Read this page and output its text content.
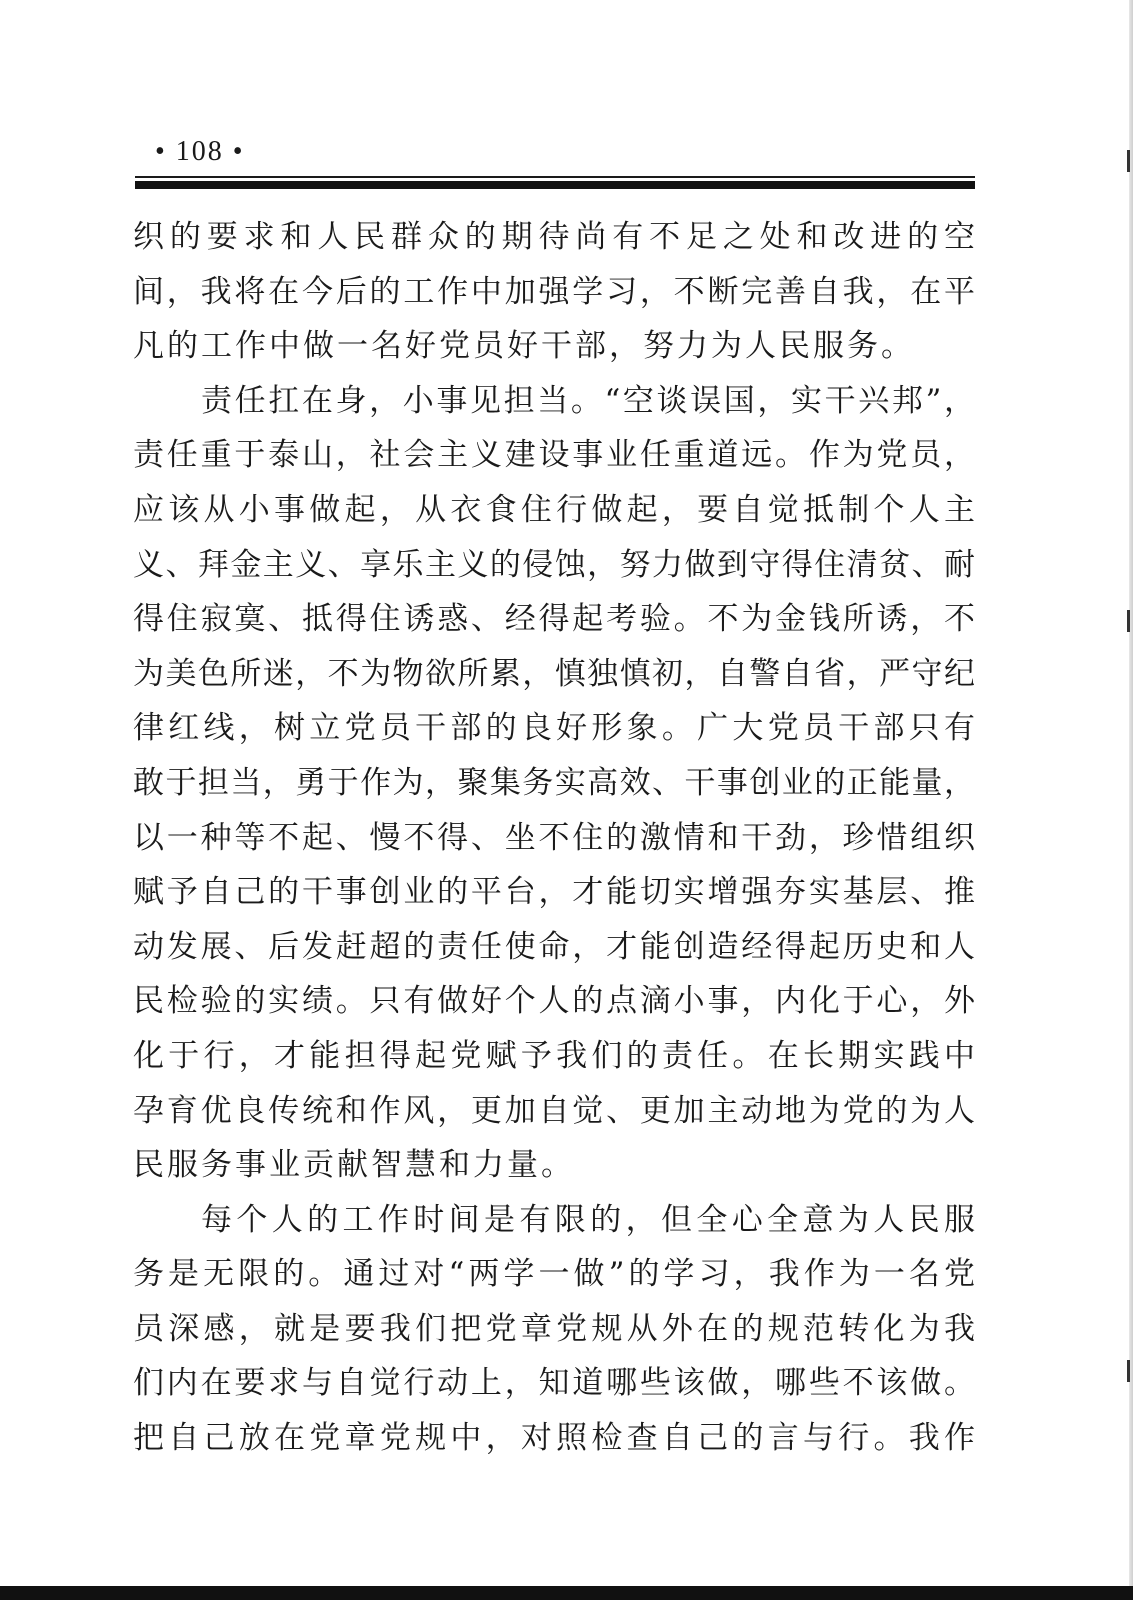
• 108 •
织的要求和人民群众的期待尚有不足之处和改进的空
间，我将在今后的工作中加强学习，不断完善自我，在平
凡的工作中做一名好党员好干部，努力为人民服务。
责任扛在身，小事见担当。“空谈误国，实干兴邦”，
责任重于泰山，社会主义建设事业任重道远。作为党员，
应该从小事做起，从衣食住行做起，要自觉抵制个人主
义、拜金主义、享乐主义的侵蚀，努力做到守得住清贫、耐
得住寂寞、抵得住诱惑、经得起考验。不为金钱所诱，不
为美色所迷，不为物欲所累，慎独慎初，自警自省，严守纪
律红线，树立党员干部的良好形象。广大党员干部只有
敢于担当，勇于作为，聚集务实高效、干事创业的正能量，
以一种等不起、慢不得、坐不住的激情和干劲，珍惜组织
赋予自己的干事创业的平台，才能切实增强夯实基层、推
动发展、后发赶超的责任使命，才能创造经得起历史和人
民检验的实绩。只有做好个人的点滴小事，内化于心，外
化于行，才能担得起党赋予我们的责任。在长期实践中
孕育优良传统和作风，更加自觉、更加主动地为党的为人
民服务事业贡献智慧和力量。
每个人的工作时间是有限的，但全心全意为人民服
务是无限的。通过对“两学一做”的学习，我作为一名党
员深感，就是要我们把党章党规从外在的规范转化为我
们内在要求与自觉行动上，知道哪些该做，哪些不该做。
把自己放在党章党规中，对照检查自己的言与行。我作
